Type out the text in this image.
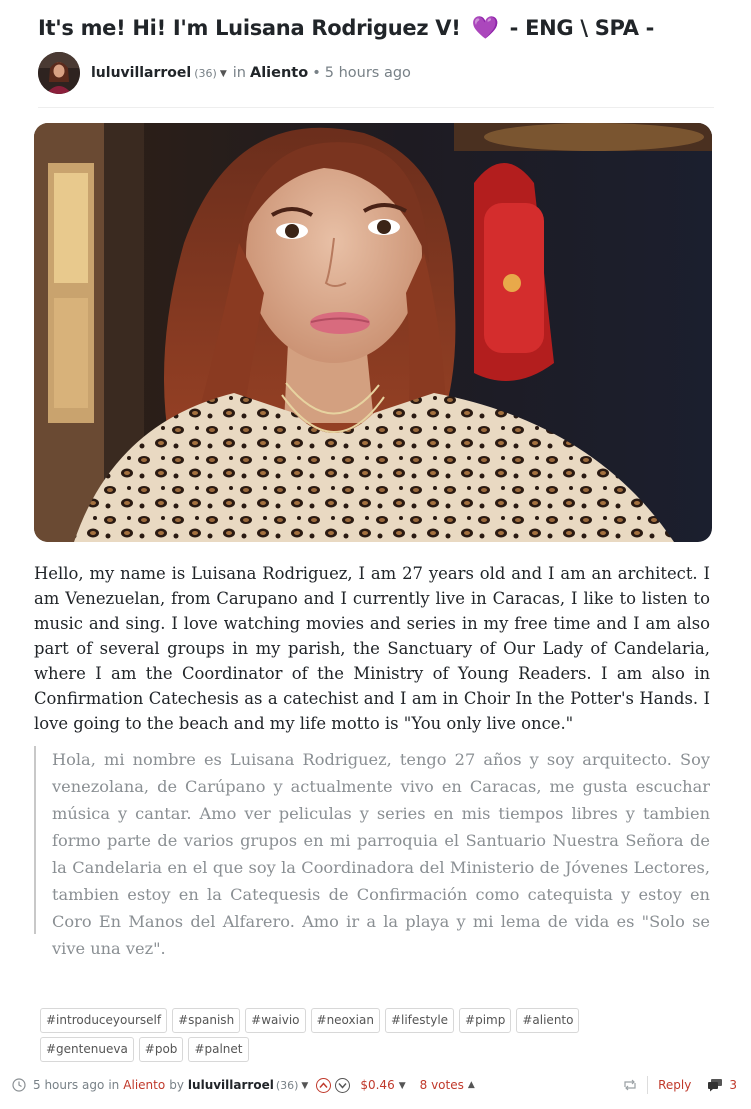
It's me! Hi! I'm Luisana Rodriguez V! 💜 - ENG \ SPA -
luluvillarroel (36) ▼ in Aliento • 5 hours ago
Hello, my name is Luisana Rodriguez, I am 27 years old and I am an architect. I am Venezuelan, from Carupano and I currently live in Caracas, I like to listen to music and sing. I love watching movies and series in my free time and I am also part of several groups in my parish, the Sanctuary of Our Lady of Candelaria, where I am the Coordinator of the Ministry of Young Readers. I am also in Confirmation Catechesis as a catechist and I am in Choir In the Potter's Hands. I love going to the beach and my life motto is "You only live once."

Hola, mi nombre es Luisana Rodriguez, tengo 27 años y soy arquitecto. Soy venezolana, de Carúpano y actualmente vivo en Caracas, me gusta escuchar música y cantar. Amo ver peliculas y series en mis tiempos libres y tambien formo parte de varios grupos en mi parroquia el Santuario Nuestra Señora de la Candelaria en el que soy la Coordinadora del Ministerio de Jóvenes Lectores, tambien estoy en la Catequesis de Confirmación como catequista y estoy en Coro En Manos del Alfarero. Amo ir a la playa y mi lema de vida es "Solo se vive una vez".

#introduceyourself	#spanish	#waivio	#neoxian	#lifestyle	#pimp	#aliento
#gentenueva	#pob	#palnet
5 hours ago in Aliento by luluvillarroel (36) ▼	$0.46 ▼ 8 votes ▲	Reply	3
